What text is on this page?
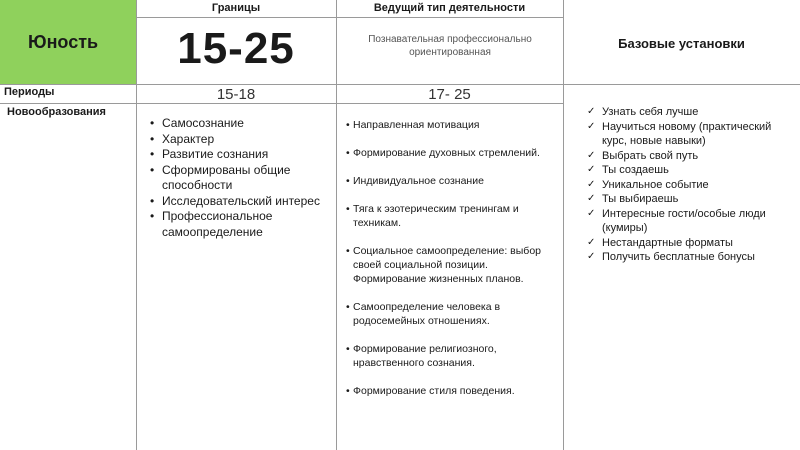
Юность
Границы
15-25
Ведущий тип деятельности
Познавательная профессионально ориентированная
Базовые установки
Периоды	15-18	17- 25
Новообразования
• Самосознание
• Характер
• Развитие сознания
• Сформированы общие способности
• Исследовательский интерес
• Профессиональное самоопределение
• Направленная мотивация
• Формирование духовных стремлений.
• Индивидуальное сознание
• Тяга к эзотерическим тренингам и техникам.
• Социальное самоопределение: выбор своей социальной позиции. Формирование жизненных планов.
• Самоопределение человека в родосемейных отношениях.
• Формирование религиозного, нравственного сознания.
• Формирование стиля поведения.
✓ Узнать себя лучше
✓ Научиться новому (практический курс, новые навыки)
✓ Выбрать свой путь
✓ Ты создаешь
✓ Уникальное событие
✓ Ты выбираешь
✓ Интересные гости/особые люди (кумиры)
✓ Нестандартные форматы
✓ Получить бесплатные бонусы
